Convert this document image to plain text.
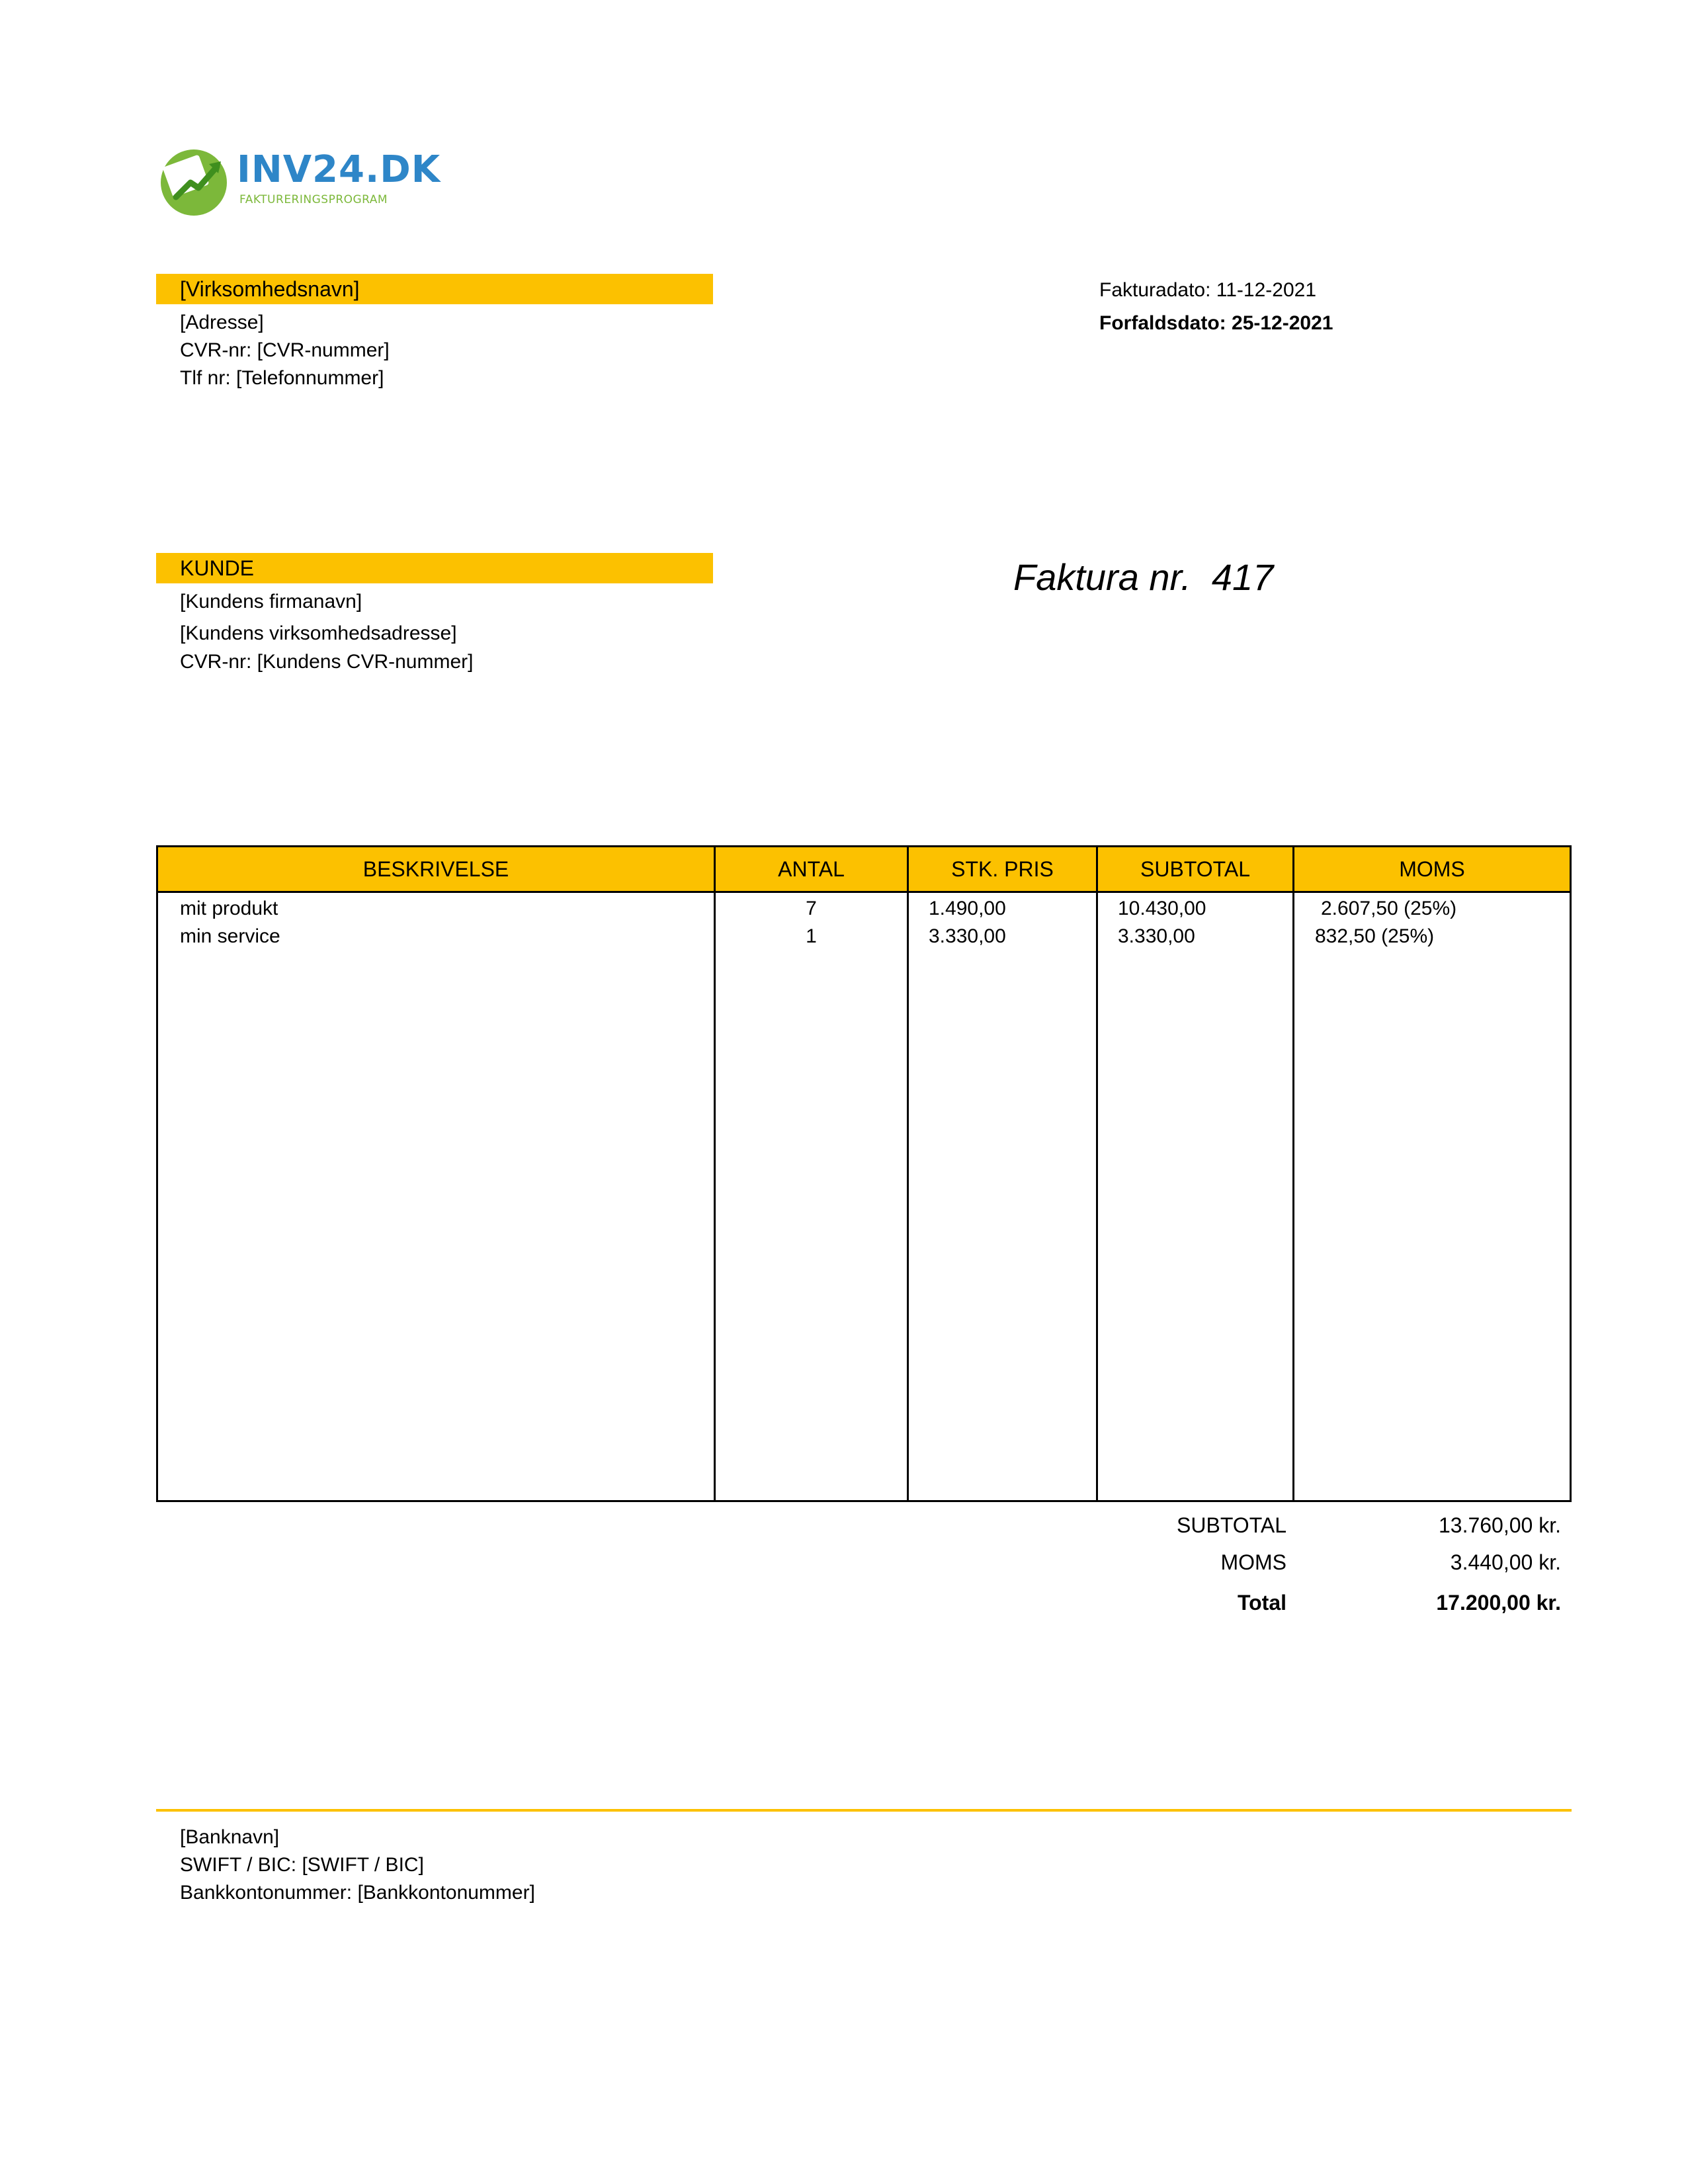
INV24.DK
FAKTURERINGSPROGRAM
[Virksomhedsnavn]
[Adresse]
CVR-nr: [CVR-nummer]
Tlf nr: [Telefonnummer]
Fakturadato: 11-12-2021
Forfaldsdato: 25-12-2021
KUNDE
[Kundens firmanavn]
[Kundens virksomhedsadresse]
CVR-nr: [Kundens CVR-nummer]
Faktura nr. 417
BESKRIVELSE	ANTAL	STK. PRIS	SUBTOTAL	MOMS
mit produkt	7	1.490,00	10.430,00	2.607,50 (25%)
min service	1	3.330,00	3.330,00	832,50 (25%)
SUBTOTAL	13.760,00 kr.
MOMS	3.440,00 kr.
Total	17.200,00 kr.
[Banknavn]
SWIFT / BIC: [SWIFT / BIC]
Bankkontonummer: [Bankkontonummer]
